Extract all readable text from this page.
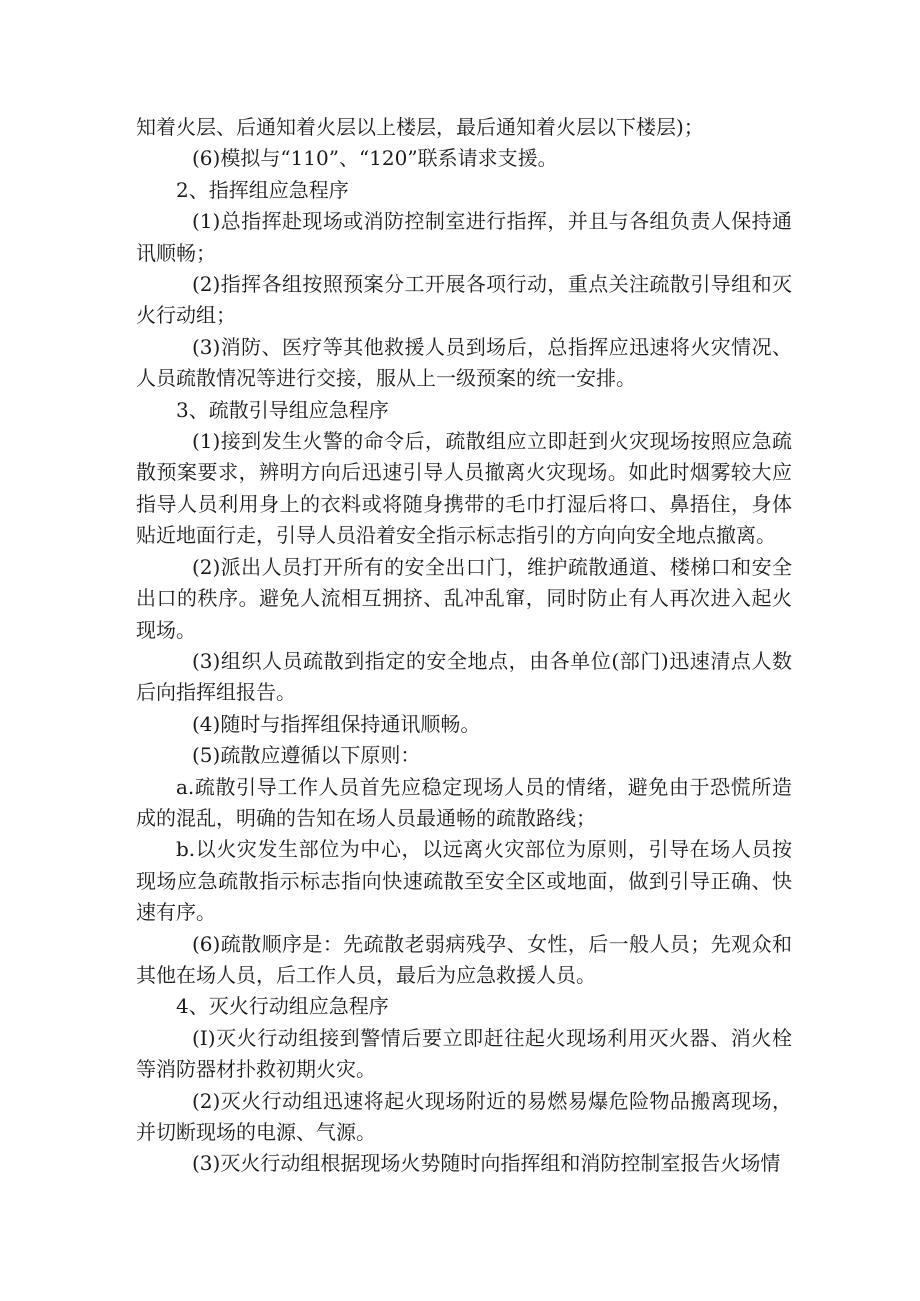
知着火层、后通知着火层以上楼层，最后通知着火层以下楼层)；

(6)模拟与“110”、“120”联系请求支援。

2、指挥组应急程序

(1)总指挥赴现场或消防控制室进行指挥，并且与各组负责人保持通讯顺畅；

(2)指挥各组按照预案分工开展各项行动，重点关注疏散引导组和灭火行动组；

(3)消防、医疗等其他救援人员到场后，总指挥应迅速将火灾情况、人员疏散情况等进行交接，服从上一级预案的统一安排。

3、疏散引导组应急程序

(1)接到发生火警的命令后，疏散组应立即赶到火灾现场按照应急疏散预案要求，辨明方向后迅速引导人员撤离火灾现场。如此时烟雾较大应指导人员利用身上的衣料或将随身携带的毛巾打湿后将口、鼻捂住，身体贴近地面行走，引导人员沿着安全指示标志指引的方向向安全地点撤离。

(2)派出人员打开所有的安全出口门，维护疏散通道、楼梯口和安全出口的秩序。避免人流相互拥挤、乱冲乱窜，同时防止有人再次进入起火现场。

(3)组织人员疏散到指定的安全地点，由各单位(部门)迅速清点人数后向指挥组报告。

(4)随时与指挥组保持通讯顺畅。

(5)疏散应遵循以下原则：

a.疏散引导工作人员首先应稳定现场人员的情绪，避免由于恐慌所造成的混乱，明确的告知在场人员最通畅的疏散路线；

b.以火灾发生部位为中心，以远离火灾部位为原则，引导在场人员按现场应急疏散指示标志指向快速疏散至安全区或地面，做到引导正确、快速有序。

(6)疏散顺序是：先疏散老弱病残孕、女性，后一般人员；先观众和其他在场人员，后工作人员，最后为应急救援人员。

4、灭火行动组应急程序

(I)灭火行动组接到警情后要立即赶往起火现场利用灭火器、消火栓等消防器材扑救初期火灾。

(2)灭火行动组迅速将起火现场附近的易燃易爆危险物品搬离现场，并切断现场的电源、气源。

(3)灭火行动组根据现场火势随时向指挥组和消防控制室报告火场情
